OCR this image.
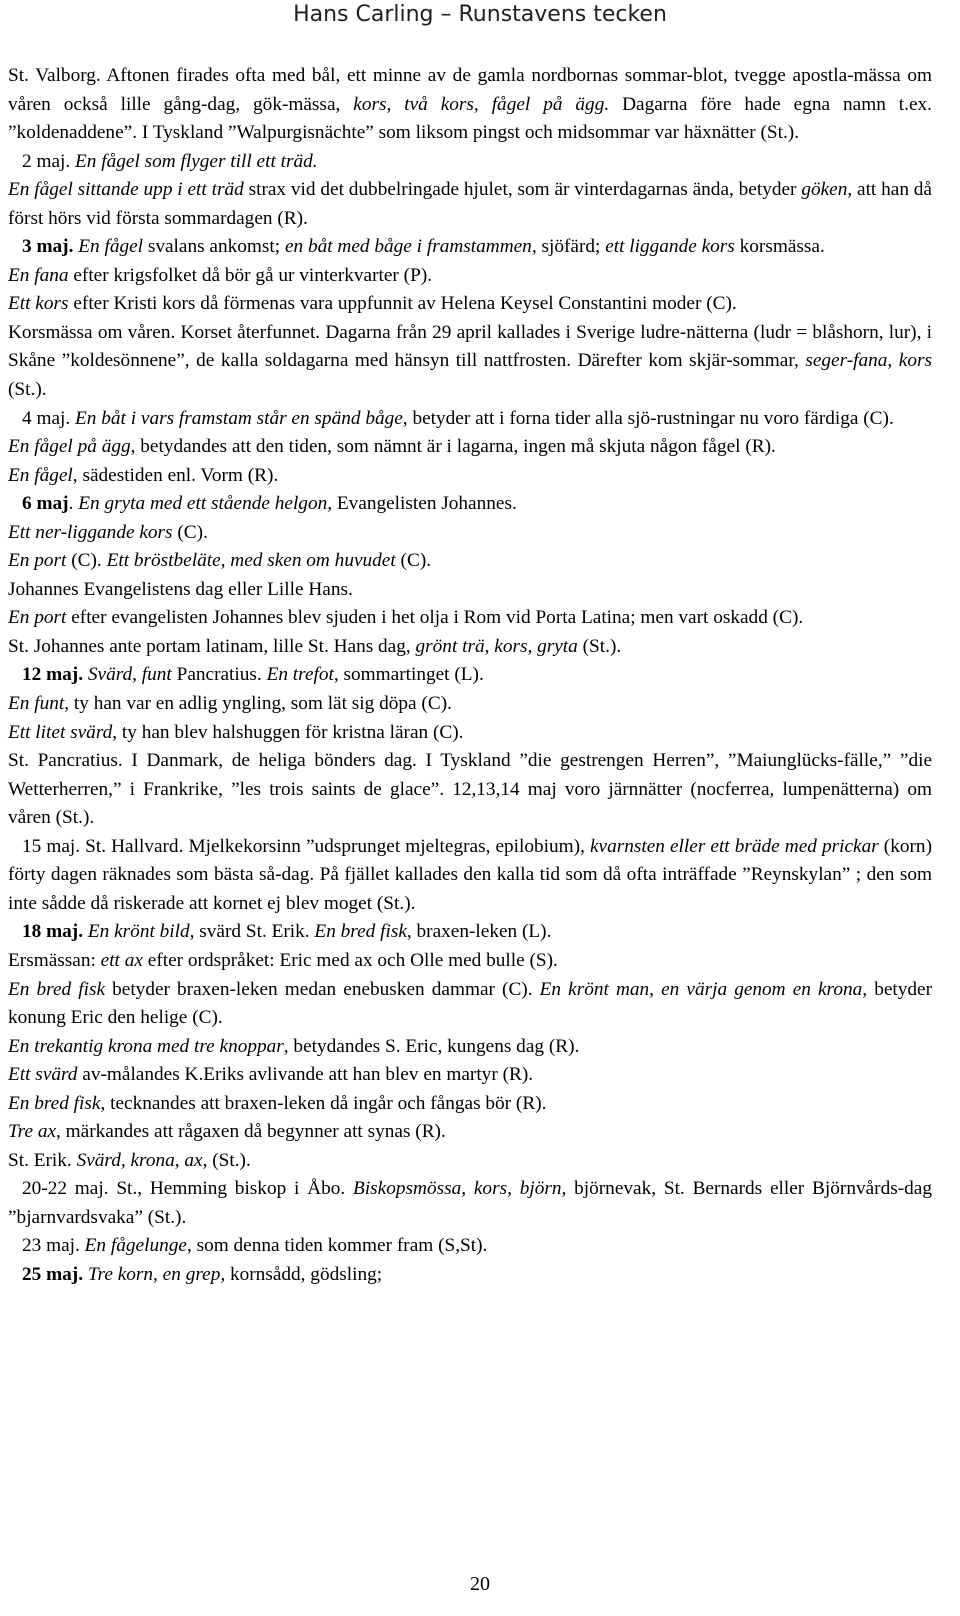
Hans Carling – Runstavens tecken

St. Valborg. Aftonen firades ofta med bål, ett minne av de gamla nordbornas sommar-blot, tvegge apostla-mässa om våren också lille gång-dag, gök-mässa, kors, två kors, fågel på ägg. Dagarna före hade egna namn t.ex. ”koldenaddene”. I Tyskland ”Walpurgisnächte” som liksom pingst och midsommar var häxnätter (St.).

2 maj. En fågel som flyger till ett träd.

En fågel sittande upp i ett träd strax vid det dubbelringade hjulet, som är vinterdagarnas ända, betyder göken, att han då först hörs vid första sommardagen (R).

3 maj. En fågel svalans ankomst; en båt med båge i framstammen, sjöfärd; ett liggande kors korsmässa.

En fana efter krigsfolket då bör gå ur vinterkvarter (P).

Ett kors efter Kristi kors då förmenas vara uppfunnit av Helena Keysel Constantini moder (C).

Korsmässa om våren. Korset återfunnet. Dagarna från 29 april kallades i Sverige ludre-nätterna (ludr = blåshorn, lur), i Skåne ”koldesönnene”, de kalla soldagarna med hänsyn till nattfrosten. Därefter kom skjär-sommar, seger-fana, kors (St.).

4 maj. En båt i vars framstam står en spänd båge, betyder att i forna tider alla sjö-rustningar nu voro färdiga (C).

En fågel på ägg, betydandes att den tiden, som nämnt är i lagarna, ingen må skjuta någon fågel (R).

En fågel, sädestiden enl. Vorm (R).

6 maj. En gryta med ett stående helgon, Evangelisten Johannes.

Ett ner-liggande kors (C).

En port (C). Ett bröstbeläte, med sken om huvudet (C).

Johannes Evangelistens dag eller Lille Hans.

En port efter evangelisten Johannes blev sjuden i het olja i Rom vid Porta Latina; men vart oskadd (C).

St. Johannes ante portam latinam, lille St. Hans dag, grönt trä, kors, gryta (St.).

12 maj. Svärd, funt Pancratius. En trefot, sommartinget (L).

En funt, ty han var en adlig yngling, som lät sig döpa (C).

Ett litet svärd, ty han blev halshuggen för kristna läran (C).

St. Pancratius. I Danmark, de heliga bönders dag. I Tyskland ”die gestrengen Herren”, ”Maiunglücks-fälle,” ”die Wetterherren,” i Frankrike, ”les trois saints de glace”. 12,13,14 maj voro järnnätter (nocferrea, lumpenätterna) om våren (St.).

15 maj. St. Hallvard. Mjelkekorsinn ”udsprunget mjeltegras, epilobium), kvarnsten eller ett bräde med prickar (korn) förty dagen räknades som bästa så-dag. På fjället kallades den kalla tid som då ofta inträffade ”Reynskylan” ; den som inte sådde då riskerade att kornet ej blev moget (St.).

18 maj. En krönt bild, svärd St. Erik. En bred fisk, braxen-leken (L).

Ersmässan: ett ax efter ordspråket: Eric med ax och Olle med bulle (S).

En bred fisk betyder braxen-leken medan enebusken dammar (C). En krönt man, en värja genom en krona, betyder konung Eric den helige (C).

En trekantig krona med tre knoppar, betydandes S. Eric, kungens dag (R).

Ett svärd av-målandes K.Eriks avlivande att han blev en martyr (R).

En bred fisk, tecknandes att braxen-leken då ingår och fångas bör (R).

Tre ax, märkandes att rågaxen då begynner att synas (R).

St. Erik. Svärd, krona, ax, (St.).

20-22 maj. St., Hemming biskop i Åbo. Biskopsmössa, kors, björn, björnevak, St. Bernards eller Björnvårds-dag ”bjarnvardsvaka” (St.).

23 maj. En fågelunge, som denna tiden kommer fram (S,St).

25 maj. Tre korn, en grep, kornsådd, gödsling;

20
